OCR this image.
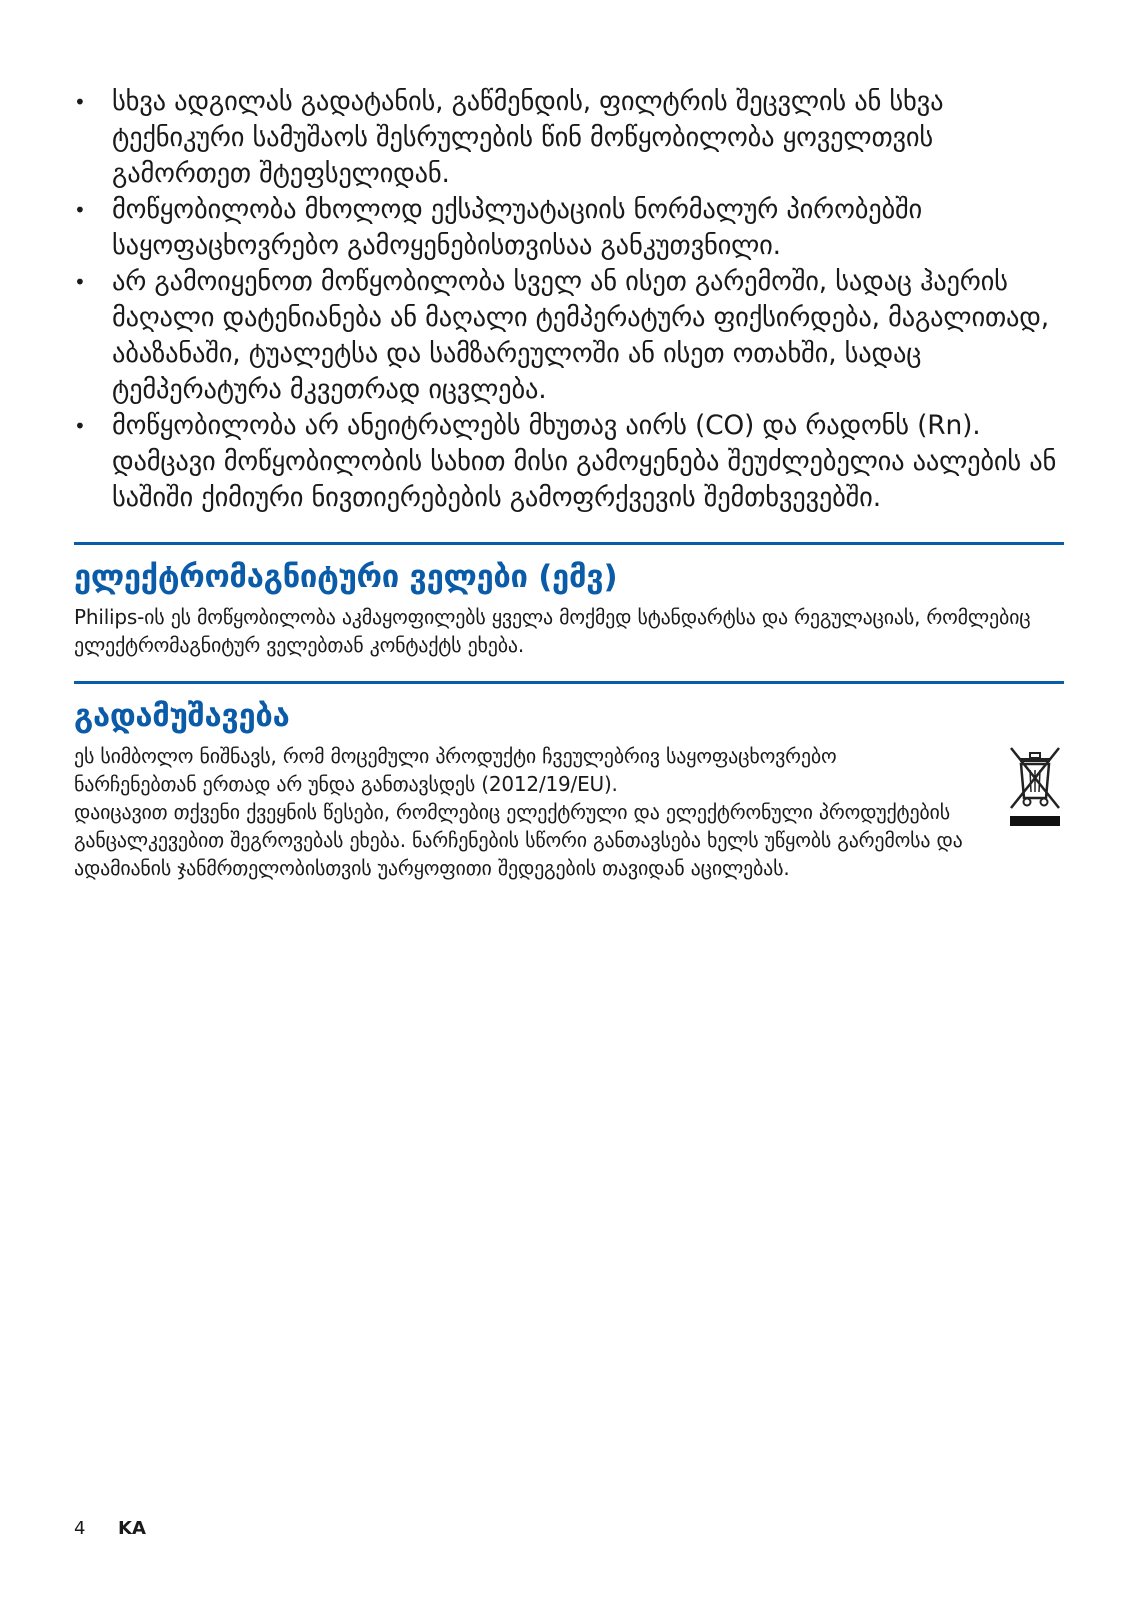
• სხვა ადგილას გადატანის, გაწმენდის, ფილტრის შეცვლის ან სხვა ტექნიკური სამუშაოს შესრულების წინ მოწყობილობა ყოველთვის გამორთეთ შტეფსელიდან.
• მოწყობილობა მხოლოდ ექსპლუატაციის ნორმალურ პირობებში საყოფაცხოვრებო გამოყენებისთვისაა განკუთვნილი.
• არ გამოიყენოთ მოწყობილობა სველ ან ისეთ გარემოში, სადაც ჰაერის მაღალი დატენიანება ან მაღალი ტემპერატურა ფიქსირდება, მაგალითად, აბაზანაში, ტუალეტსა და სამზარეულოში ან ისეთ ოთახში, სადაც ტემპერატურა მკვეთრად იცვლება.
• მოწყობილობა არ ანეიტრალებს მხუთავ აირს (CO) და რადონს (Rn). დამცავი მოწყობილობის სახით მისი გამოყენება შეუძლებელია აალების ან საშიში ქიმიური ნივთიერებების გამოფრქვევის შემთხვევებში.
ელექტრომაგნიტური ველები (ემვ)

Philips-ის ეს მოწყობილობა აკმაყოფილებს ყველა მოქმედ სტანდარტსა და რეგულაციას, რომლებიც ელექტრომაგნიტურ ველებთან კონტაქტს ეხება.

გადამუშავება

ეს სიმბოლო ნიშნავს, რომ მოცემული პროდუქტი ჩვეულებრივ საყოფაცხოვრებო ნარჩენებთან ერთად არ უნდა განთავსდეს (2012/19/EU).

დაიცავით თქვენი ქვეყნის წესები, რომლებიც ელექტრული და ელექტრონული პროდუქტების განცალკევებით შეგროვებას ეხება. ნარჩენების სწორი განთავსება ხელს უწყობს გარემოსა და ადამიანის ჯანმრთელობისთვის უარყოფითი შედეგების თავიდან აცილებას.

4 KA
